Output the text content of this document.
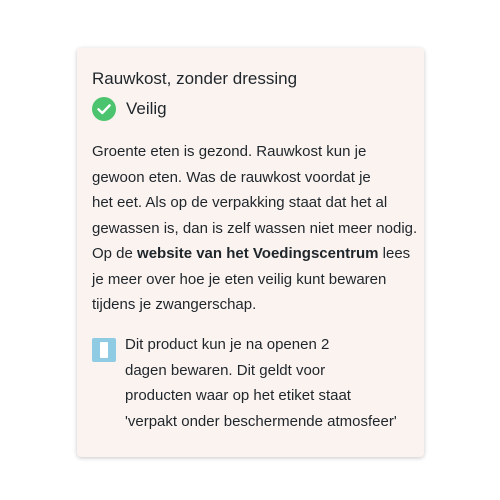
Rauwkost, zonder dressing
Veilig

Groente eten is gezond. Rauwkost kun je
gewoon eten. Was de rauwkost voordat je
het eet. Als op de verpakking staat dat het al
gewassen is, dan is zelf wassen niet meer nodig.
Op de website van het Voedingscentrum lees
je meer over hoe je eten veilig kunt bewaren
tijdens je zwangerschap.

Dit product kun je na openen 2
dagen bewaren. Dit geldt voor
producten waar op het etiket staat
'verpakt onder beschermende atmosfeer'
